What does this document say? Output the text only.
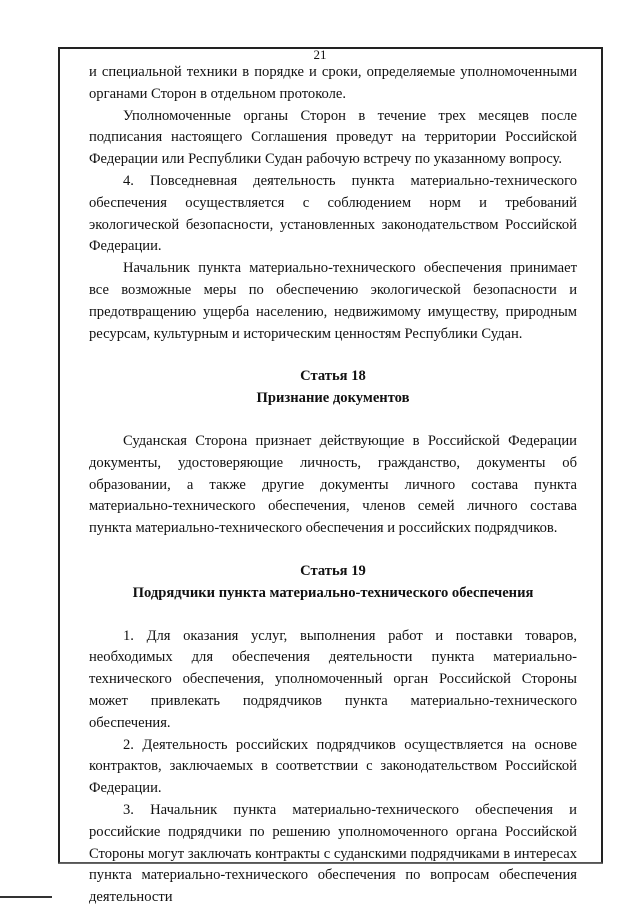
21

и специальной техники в порядке и сроки, определяемые уполномоченными органами Сторон в отдельном протоколе.

Уполномоченные органы Сторон в течение трех месяцев после подписания настоящего Соглашения проведут на территории Российской Федерации или Республики Судан рабочую встречу по указанному вопросу.

4. Повседневная деятельность пункта материально-технического обеспечения осуществляется с соблюдением норм и требований экологической безопасности, установленных законодательством Российской Федерации.

Начальник пункта материально-технического обеспечения принимает все возможные меры по обеспечению экологической безопасности и предотвращению ущерба населению, недвижимому имуществу, природным ресурсам, культурным и историческим ценностям Республики Судан.

Статья 18
Признание документов

Суданская Сторона признает действующие в Российской Федерации документы, удостоверяющие личность, гражданство, документы об образовании, а также другие документы личного состава пункта материально-технического обеспечения, членов семей личного состава пункта материально-технического обеспечения и российских подрядчиков.

Статья 19
Подрядчики пункта материально-технического обеспечения

1. Для оказания услуг, выполнения работ и поставки товаров, необходимых для обеспечения деятельности пункта материально-технического обеспечения, уполномоченный орган Российской Стороны может привлекать подрядчиков пункта материально-технического обеспечения.

2. Деятельность российских подрядчиков осуществляется на основе контрактов, заключаемых в соответствии с законодательством Российской Федерации.

3. Начальник пункта материально-технического обеспечения и российские подрядчики по решению уполномоченного органа Российской Стороны могут заключать контракты с суданскими подрядчиками в интересах пункта материально-технического обеспечения по вопросам обеспечения деятельности
